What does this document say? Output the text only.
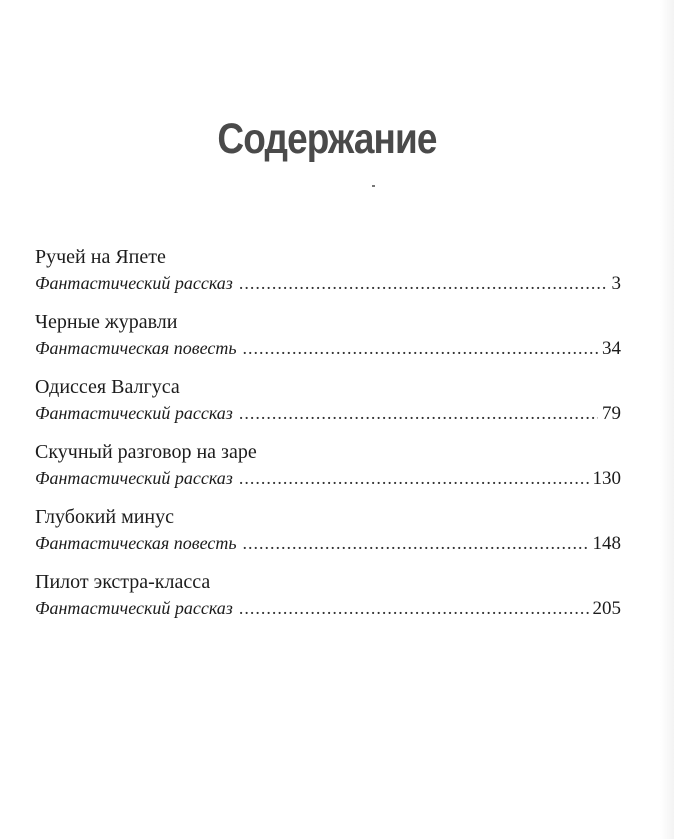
Содержание
Ручей на Япете
Фантастический рассказ .....	3
Черные журавли
Фантастическая повесть .....	34
Одиссея Валгуса
Фантастический рассказ .....	79
Скучный разговор на заре
Фантастический рассказ .....	130
Глубокий минус
Фантастическая повесть .....	148
Пилот экстра-класса
Фантастический рассказ .....	205
